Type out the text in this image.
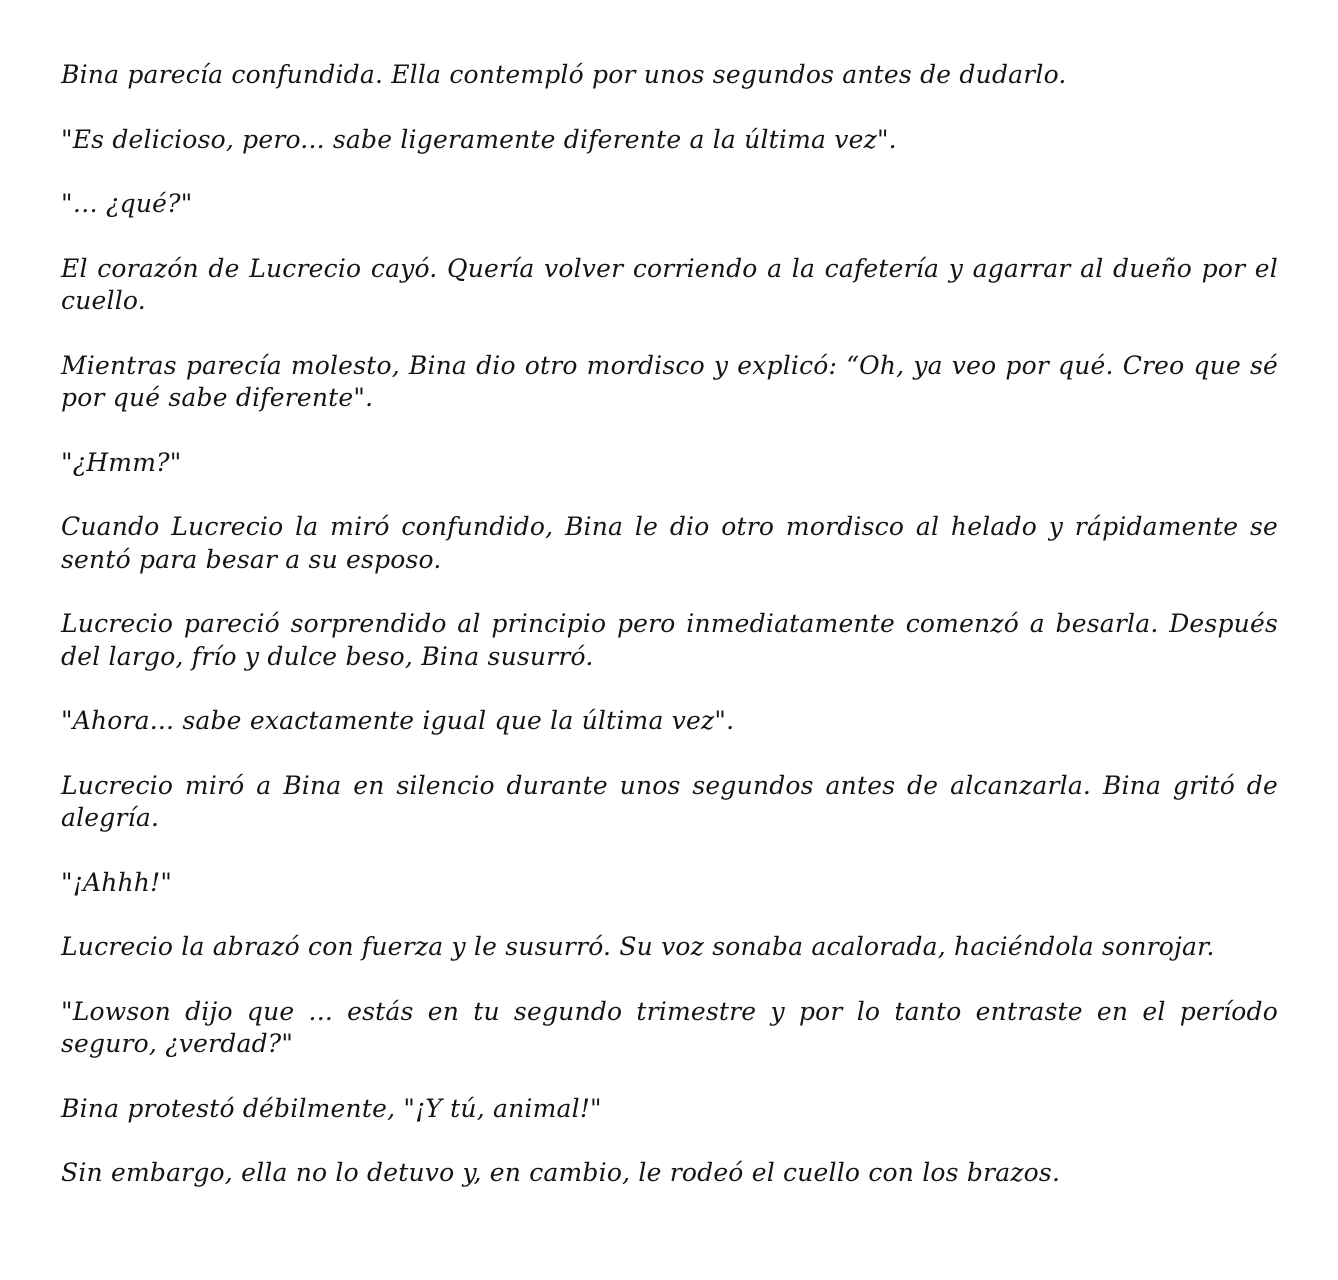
Bina parecía confundida. Ella contempló por unos segundos antes de dudarlo.

"Es delicioso, pero... sabe ligeramente diferente a la última vez".

"… ¿qué?"

El corazón de Lucrecio cayó. Quería volver corriendo a la cafetería y agarrar al dueño por el cuello.

Mientras parecía molesto, Bina dio otro mordisco y explicó: “Oh, ya veo por qué. Creo que sé por qué sabe diferente".

"¿Hmm?"

Cuando Lucrecio la miró confundido, Bina le dio otro mordisco al helado y rápidamente se sentó para besar a su esposo.

Lucrecio pareció sorprendido al principio pero inmediatamente comenzó a besarla. Después del largo, frío y dulce beso, Bina susurró.

"Ahora... sabe exactamente igual que la última vez".

Lucrecio miró a Bina en silencio durante unos segundos antes de alcanzarla. Bina gritó de alegría.

"¡Ahhh!"

Lucrecio la abrazó con fuerza y le susurró. Su voz sonaba acalorada, haciéndola sonrojar.

"Lowson dijo que ... estás en tu segundo trimestre y por lo tanto entraste en el período seguro, ¿verdad?"

Bina protestó débilmente, "¡Y tú, animal!"

Sin embargo, ella no lo detuvo y, en cambio, le rodeó el cuello con los brazos.
